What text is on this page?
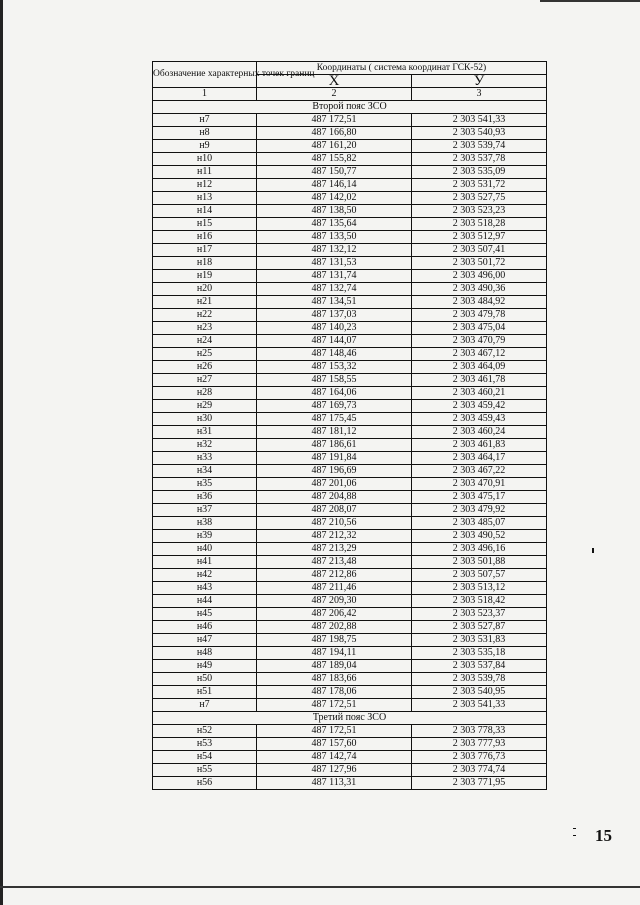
Обозначение характерных точек границ	Координаты ( система координат ГСК-52)	
	X	У
1	2	3
Второй пояс ЗСО		
н7	487 172,51	2 303 541,33
н8	487 166,80	2 303 540,93
н9	487 161,20	2 303 539,74
н10	487 155,82	2 303 537,78
н11	487 150,77	2 303 535,09
н12	487 146,14	2 303 531,72
н13	487 142,02	2 303 527,75
н14	487 138,50	2 303 523,23
н15	487 135,64	2 303 518,28
н16	487 133,50	2 303 512,97
н17	487 132,12	2 303 507,41
н18	487 131,53	2 303 501,72
н19	487 131,74	2 303 496,00
н20	487 132,74	2 303 490,36
н21	487 134,51	2 303 484,92
н22	487 137,03	2 303 479,78
н23	487 140,23	2 303 475,04
н24	487 144,07	2 303 470,79
н25	487 148,46	2 303 467,12
н26	487 153,32	2 303 464,09
н27	487 158,55	2 303 461,78
н28	487 164,06	2 303 460,21
н29	487 169,73	2 303 459,42
н30	487 175,45	2 303 459,43
н31	487 181,12	2 303 460,24
н32	487 186,61	2 303 461,83
н33	487 191,84	2 303 464,17
н34	487 196,69	2 303 467,22
н35	487 201,06	2 303 470,91
н36	487 204,88	2 303 475,17
н37	487 208,07	2 303 479,92
н38	487 210,56	2 303 485,07
н39	487 212,32	2 303 490,52
н40	487 213,29	2 303 496,16
н41	487 213,48	2 303 501,88
н42	487 212,86	2 303 507,57
н43	487 211,46	2 303 513,12
н44	487 209,30	2 303 518,42
н45	487 206,42	2 303 523,37
н46	487 202,88	2 303 527,87
н47	487 198,75	2 303 531,83
н48	487 194,11	2 303 535,18
н49	487 189,04	2 303 537,84
н50	487 183,66	2 303 539,78
н51	487 178,06	2 303 540,95
н7	487 172,51	2 303 541,33
Третий пояс ЗСО		
н52	487 172,51	2 303 778,33
н53	487 157,60	2 303 777,93
н54	487 142,74	2 303 776,73
н55	487 127,96	2 303 774,74
н56	487 113,31	2 303 771,95
15
